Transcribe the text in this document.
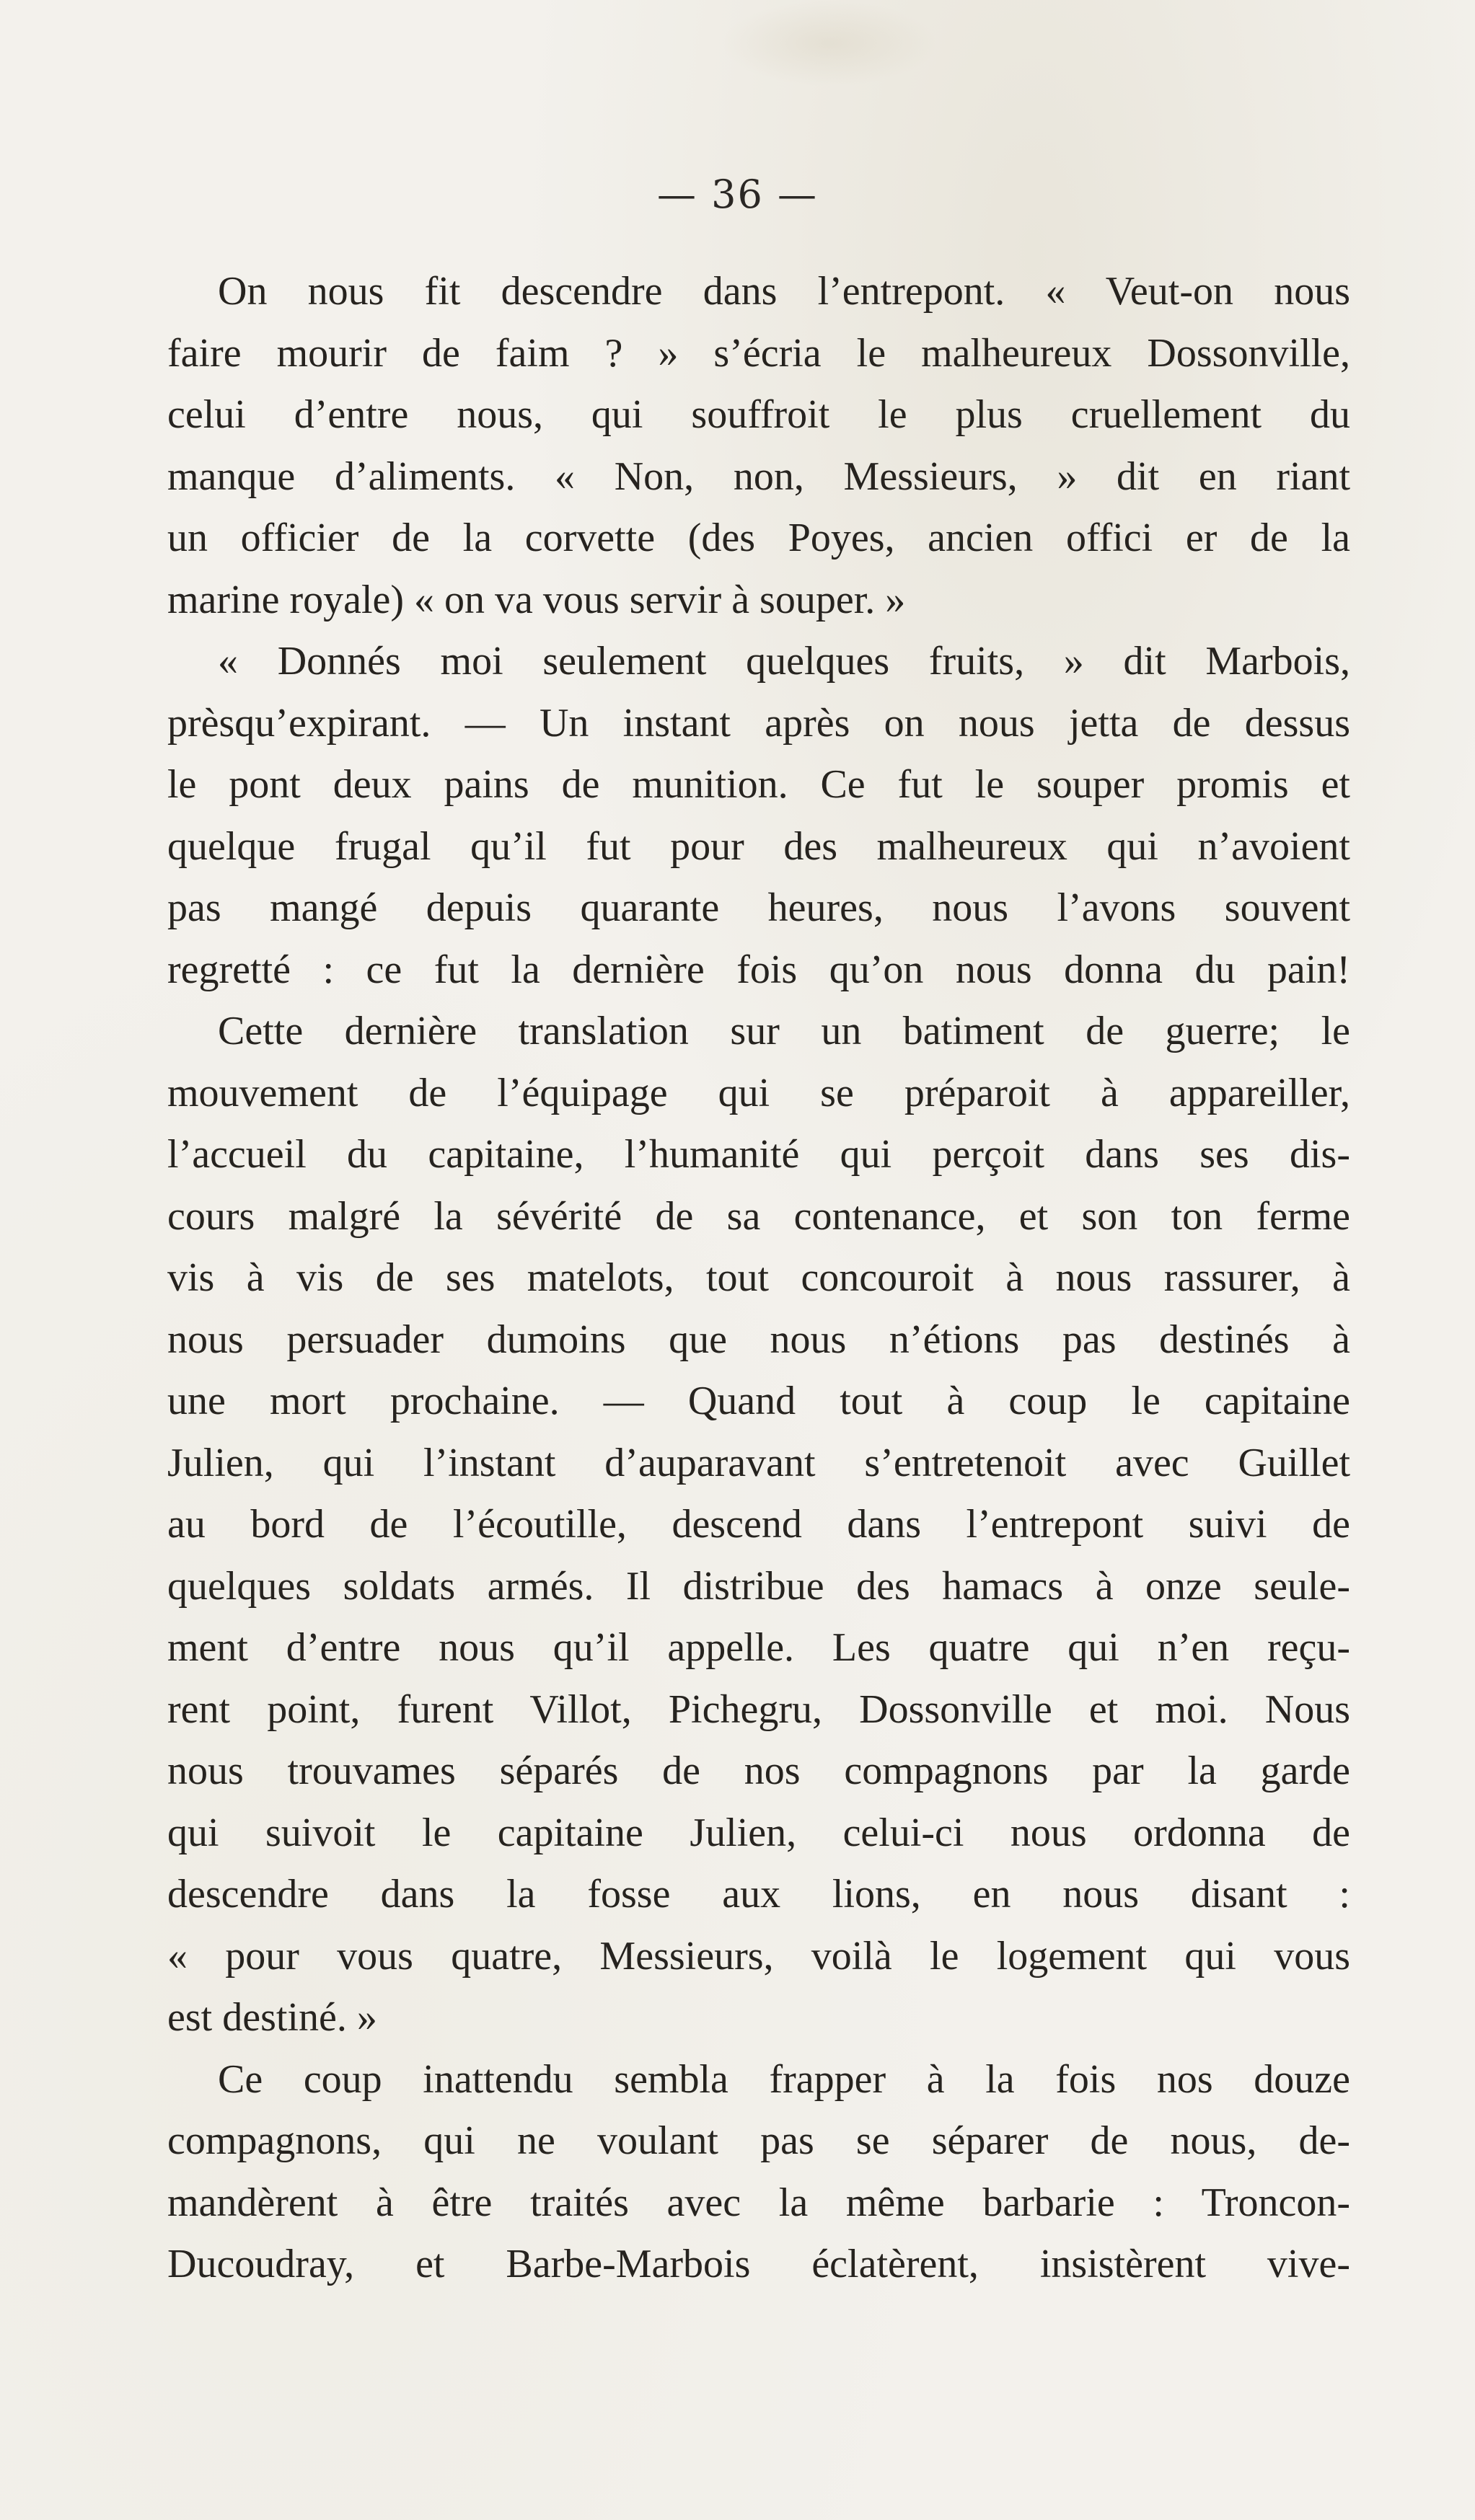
— 36 —
On nous fit descendre dans l’entrepont. « Veut-on nous
faire mourir de faim ? » s’écria le malheureux Dossonville,
celui d’entre nous, qui souffroit le plus cruellement du
manque d’aliments. « Non, non, Messieurs, » dit en riant
un officier de la corvette (des Poyes, ancien offici er de la
marine royale) « on va vous servir à souper. »
« Donnés moi seulement quelques fruits, » dit Marbois,
prèsqu’expirant. — Un instant après on nous jetta de dessus
le pont deux pains de munition. Ce fut le souper promis et
quelque frugal qu’il fut pour des malheureux qui n’avoient
pas mangé depuis quarante heures, nous l’avons souvent
regretté : ce fut la dernière fois qu’on nous donna du pain!
Cette dernière translation sur un batiment de guerre; le
mouvement de l’équipage qui se préparoit à appareiller,
l’accueil du capitaine, l’humanité qui perçoit dans ses dis-
cours malgré la sévérité de sa contenance, et son ton ferme
vis à vis de ses matelots, tout concouroit à nous rassurer, à
nous persuader dumoins que nous n’étions pas destinés à
une mort prochaine. — Quand tout à coup le capitaine
Julien, qui l’instant d’auparavant s’entretenoit avec Guillet
au bord de l’écoutille, descend dans l’entrepont suivi de
quelques soldats armés. Il distribue des hamacs à onze seule-
ment d’entre nous qu’il appelle. Les quatre qui n’en reçu-
rent point, furent Villot, Pichegru, Dossonville et moi. Nous
nous trouvames séparés de nos compagnons par la garde
qui suivoit le capitaine Julien, celui-ci nous ordonna de
descendre dans la fosse aux lions, en nous disant :
« pour vous quatre, Messieurs, voilà le logement qui vous
est destiné. »
Ce coup inattendu sembla frapper à la fois nos douze
compagnons, qui ne voulant pas se séparer de nous, de-
mandèrent à être traités avec la même barbarie : Troncon-
Ducoudray, et Barbe-Marbois éclatèrent, insistèrent vive-
